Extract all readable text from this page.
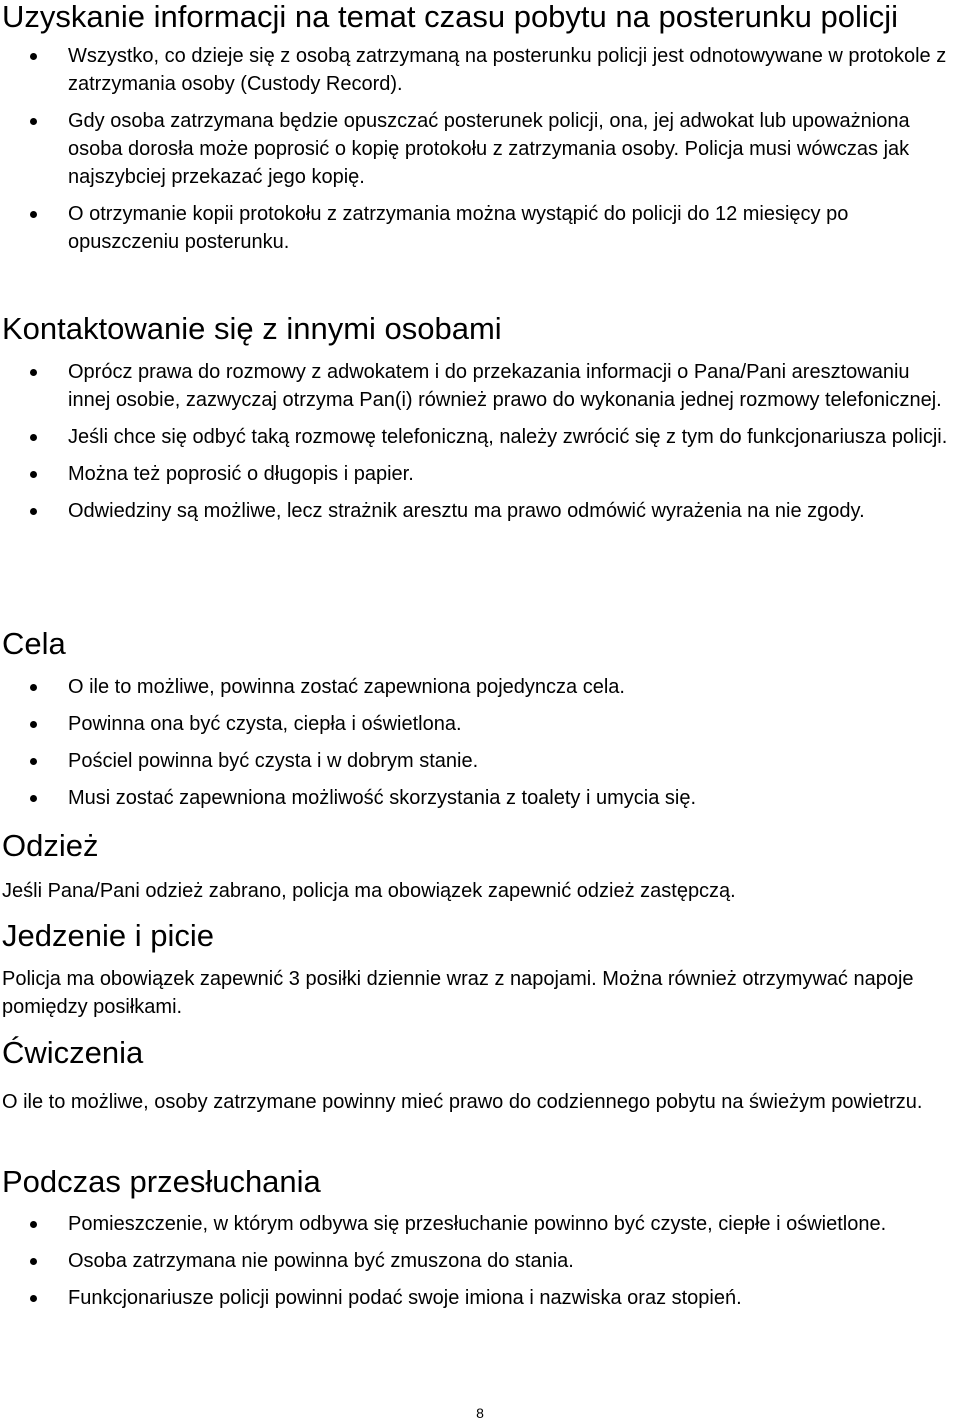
Uzyskanie informacji na temat czasu pobytu na posterunku policji
Wszystko, co dzieje się z osobą zatrzymaną na posterunku policji jest odnotowywane w protokole z zatrzymania osoby (Custody Record).
Gdy osoba zatrzymana będzie opuszczać posterunek policji, ona, jej adwokat lub upoważniona osoba dorosła może poprosić o kopię protokołu z zatrzymania osoby. Policja musi wówczas jak najszybciej przekazać jego kopię.
O otrzymanie kopii protokołu z zatrzymania można wystąpić do policji do 12 miesięcy po opuszczeniu posterunku.
Kontaktowanie się z innymi osobami
Oprócz prawa do rozmowy z adwokatem i do przekazania informacji o Pana/Pani aresztowaniu innej osobie, zazwyczaj otrzyma Pan(i) również prawo do wykonania jednej rozmowy telefonicznej.
Jeśli chce się odbyć taką rozmowę telefoniczną, należy zwrócić się z tym do funkcjonariusza policji.
Można też poprosić o długopis i papier.
Odwiedziny są możliwe, lecz strażnik aresztu ma prawo odmówić wyrażenia na nie zgody.
Cela
O ile to możliwe, powinna zostać zapewniona pojedyncza cela.
Powinna ona być czysta, ciepła i oświetlona.
Pościel powinna być czysta i w dobrym stanie.
Musi zostać zapewniona możliwość skorzystania z toalety i umycia się.
Odzież

Jeśli Pana/Pani odzież zabrano, policja ma obowiązek zapewnić odzież zastępczą.

Jedzenie i picie

Policja ma obowiązek zapewnić 3 posiłki dziennie wraz z napojami. Można również otrzymywać napoje pomiędzy posiłkami.

Ćwiczenia

O ile to możliwe, osoby zatrzymane powinny mieć prawo do codziennego pobytu na świeżym powietrzu.

Podczas przesłuchania
Pomieszczenie, w którym odbywa się przesłuchanie powinno być czyste, ciepłe i oświetlone.
Osoba zatrzymana nie powinna być zmuszona do stania.
Funkcjonariusze policji powinni podać swoje imiona i nazwiska oraz stopień.
8
